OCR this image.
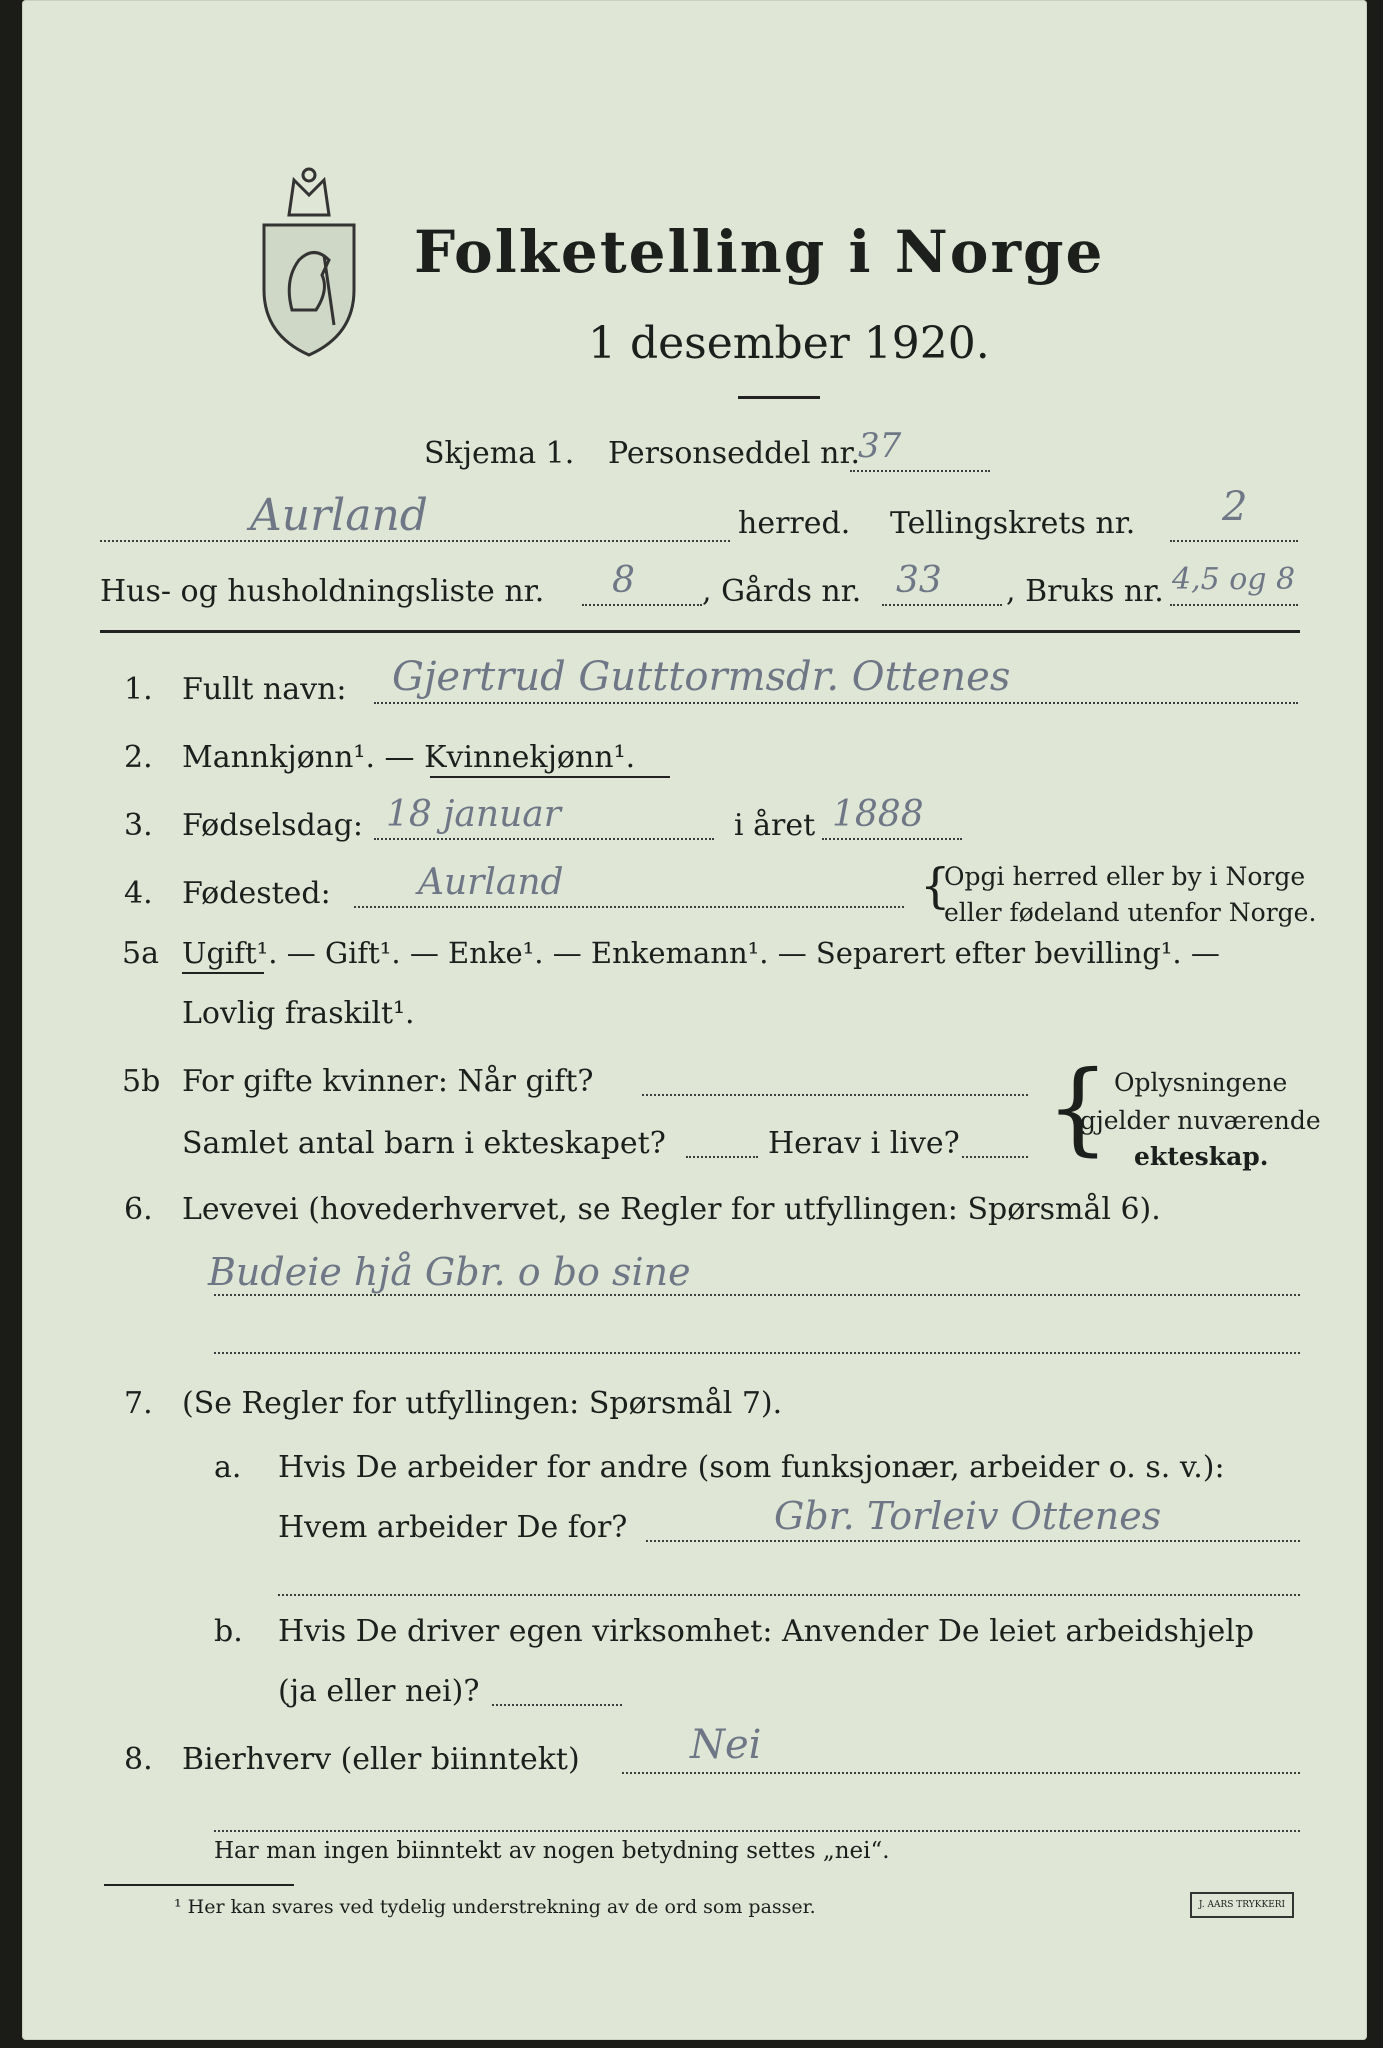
Folketelling i Norge
1 desember 1920.
Skjema 1. Personseddel nr.
37
Aurland	herred. Tellingskrets nr. 2
Hus- og husholdningsliste nr. 8 , Gårds nr. 33 , Bruks nr. 4,5 og 8
1. Fullt navn: Gjertrud Gutttormsdr. Ottenes
2. Mannkjønn¹. — Kvinnekjønn¹.
3. Fødselsdag: 18 januar	i året 1888
4. Fødested: Aurland	{
Opgi herred eller by i Norge
eller fødeland utenfor Norge.
5a Ugift¹. — Gift¹. — Enke¹. — Enkemann¹. — Separert efter bevilling¹. —
Lovlig fraskilt¹.
5b For gifte kvinner: Når gift?
Samlet antal barn i ekteskapet?	Herav i live? { Oplysningene
gjelder nuværende
ekteskap.
6. Levevei (hovederhvervet, se Regler for utfyllingen: Spørsmål 6).
Budeie hjå Gbr. o bo sine
7. (Se Regler for utfyllingen: Spørsmål 7).
a. Hvis De arbeider for andre (som funksjonær, arbeider o. s. v.):
Hvem arbeider De for?	Gbr. Torleiv Ottenes
b. Hvis De driver egen virksomhet: Anvender De leiet arbeidshjelp
(ja eller nei)?
8. Bierhverv (eller biinntekt)	Nei
Har man ingen biinntekt av nogen betydning settes „nei“.
¹ Her kan svares ved tydelig understrekning av de ord som passer.	J. AARS TRYKKERI
